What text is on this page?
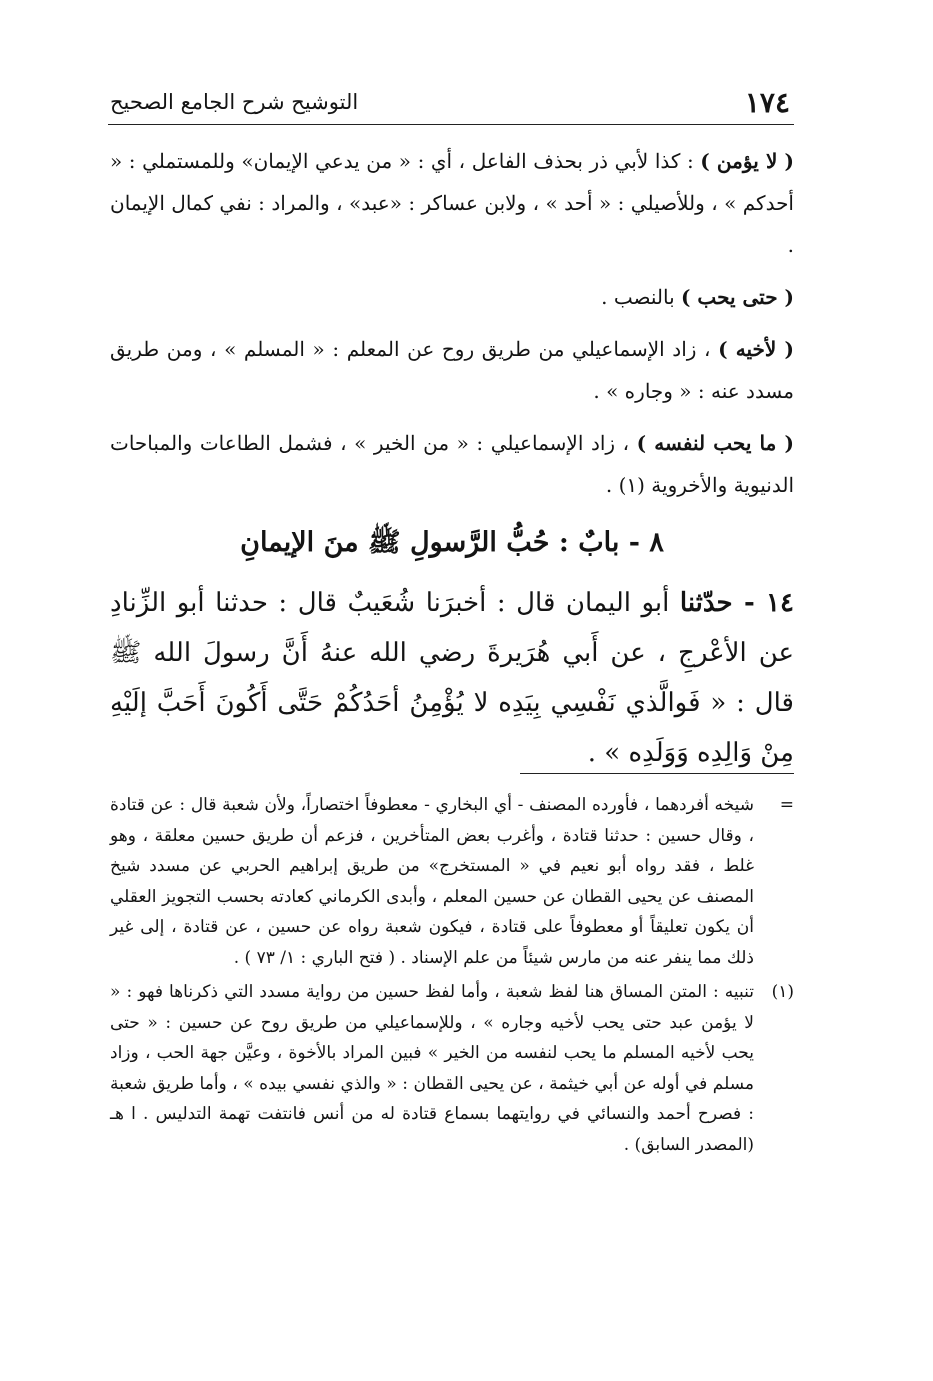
١٧٤
التوشيح شرح الجامع الصحيح

( لا يؤمن ) : كذا لأبي ذر بحذف الفاعل ، أي : « من يدعي الإيمان» وللمستملي : « أحدكم » ، وللأصيلي : « أحد » ، ولابن عساكر : «عبد» ، والمراد : نفي كمال الإيمان .

( حتى يحب ) بالنصب .

( لأخيه ) ، زاد الإسماعيلي من طريق روح عن المعلم : « المسلم » ، ومن طريق مسدد عنه : « وجاره » .

( ما يحب لنفسه ) ، زاد الإسماعيلي : « من الخير » ، فشمل الطاعات والمباحات الدنيوية والأخروية (١) .

٨ - بابٌ : حُبُّ الرَّسولِ ﷺ منَ الإيمانِ

١٤ - حدّثنا أبو اليمان قال : أخبرَنا شُعَيبٌ قال : حدثنا أبو الزِّنادِ عن الأعْرجِ ، عن أَبي هُرَيرةَ رضي الله عنهُ أَنَّ رسولَ الله ﷺ قال : « فَوالَّذي نَفْسِي بِيَدِه لا يُؤْمِنُ أحَدُكُمْ حَتَّى أَكُونَ أَحَبَّ إلَيْهِ مِنْ وَالِدِه وَوَلَدِه » .

=
شيخه أفردهما ، فأورده المصنف - أي البخاري - معطوفاً اختصاراً، ولأن شعبة قال : عن قتادة ، وقال حسين : حدثنا قتادة ، وأغرب بعض المتأخرين ، فزعم أن طريق حسين معلقة ، وهو غلط ، فقد رواه أبو نعيم في « المستخرج» من طريق إبراهيم الحربي عن مسدد شيخ المصنف عن يحيى القطان عن حسين المعلم ، وأبدى الكرماني كعادته بحسب التجويز العقلي أن يكون تعليقاً أو معطوفاً على قتادة ، فيكون شعبة رواه عن حسين ، عن قتادة ، إلى غير ذلك مما ينفر عنه من مارس شيئاً من علم الإسناد . ( فتح الباري : ١/ ٧٣ ) .

(١)
تنبيه : المتن المساق هنا لفظ شعبة ، وأما لفظ حسين من رواية مسدد التي ذكرناها فهو : « لا يؤمن عبد حتى يحب لأخيه وجاره » ، وللإسماعيلي من طريق روح عن حسين : « حتى يحب لأخيه المسلم ما يحب لنفسه من الخير » فبين المراد بالأخوة ، وعيَّن جهة الحب ، وزاد مسلم في أوله عن أبي خيثمة ، عن يحيى القطان : « والذي نفسي بيده » ، وأما طريق شعبة : فصرح أحمد والنسائي في روايتهما بسماع قتادة له من أنس فانتفت تهمة التدليس . ا هـ (المصدر السابق) .
